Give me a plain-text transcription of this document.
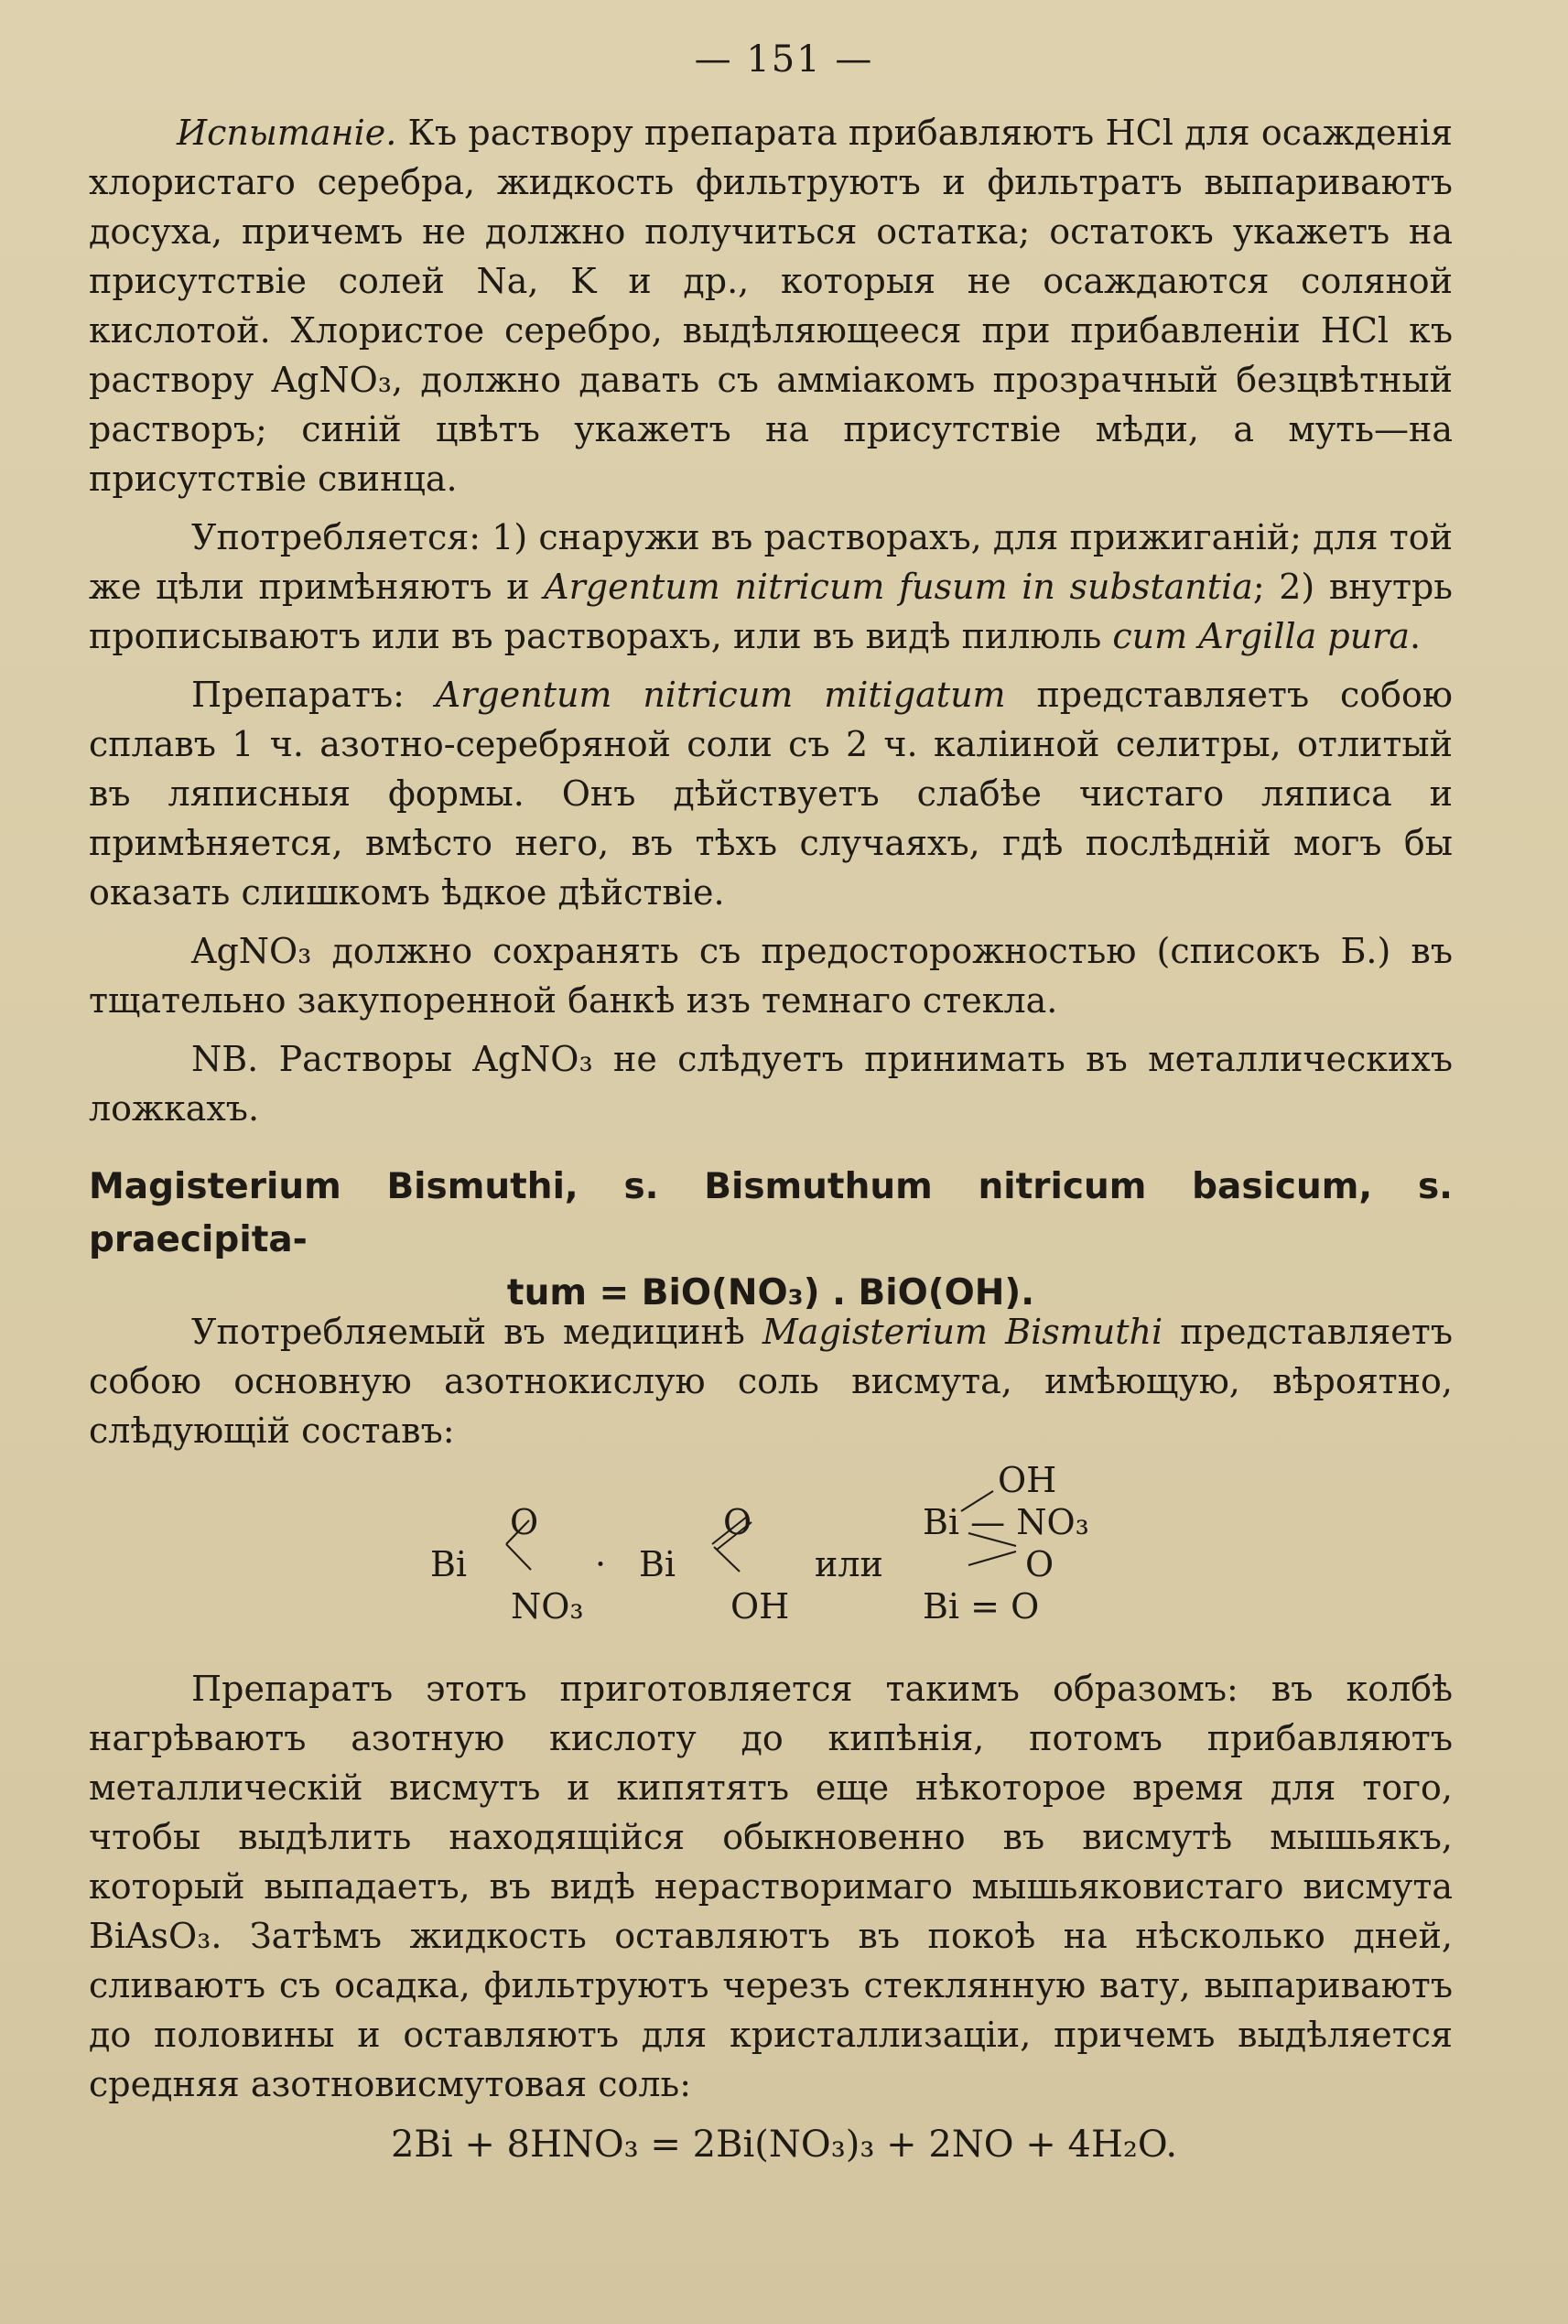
— 151 —

Испытаніе. Къ раствору препарата прибавляютъ HCl для осажденія хлористаго серебра, жидкость фильтруютъ и фильтратъ выпариваютъ досуха, причемъ не должно получиться остатка; остатокъ укажетъ на присутствіе солей Na, K и др., которыя не осаждаются соляной кислотой. Хлористое серебро, выдѣляющееся при прибавленіи HCl къ раствору AgNO₃, должно давать съ амміакомъ прозрачный безцвѣтный растворъ; синій цвѣтъ укажетъ на присутствіе мѣди, а муть—на присутствіе свинца.

Употребляется: 1) снаружи въ растворахъ, для прижиганій; для той же цѣли примѣняютъ и Argentum nitricum fusum in substantia; 2) внутрь прописываютъ или въ растворахъ, или въ видѣ пилюль cum Argilla pura.

Препаратъ: Argentum nitricum mitigatum представляетъ собою сплавъ 1 ч. азотно-серебряной соли съ 2 ч. каліиной селитры, отлитый въ ляписныя формы. Онъ дѣйствуетъ слабѣе чистаго ляписа и примѣняется, вмѣсто него, въ тѣхъ случаяхъ, гдѣ послѣдній могъ бы оказать слишкомъ ѣдкое дѣйствіе.

AgNO₃ должно сохранять съ предосторожностью (списокъ Б.) въ тщательно закупоренной банкѣ изъ темнаго стекла.

NB. Растворы AgNO₃ не слѣдуетъ принимать въ металлическихъ ложкахъ.

Magisterium Bismuthi, s. Bismuthum nitricum basicum, s. praecipita-
tum = BiO(NO₃) . BiO(OH).

Употребляемый въ медицинѣ Magisterium Bismuthi представляетъ собою основную азотнокислую соль висмута, имѣющую, вѣроятно, слѣдующій составъ:

O
Bi
NO₃
· Bi
O
OH
или
OH
Bi — NO₃
O
Bi = O

Препаратъ этотъ приготовляется такимъ образомъ: въ колбѣ нагрѣваютъ азотную кислоту до кипѣнія, потомъ прибавляютъ металлическій висмутъ и кипятятъ еще нѣкоторое время для того, чтобы выдѣлить находящійся обыкновенно въ висмутѣ мышьякъ, который выпадаетъ, въ видѣ нерастворимаго мышьяковистаго висмута BiAsO₃. Затѣмъ жидкость оставляютъ въ покоѣ на нѣсколько дней, сливаютъ съ осадка, фильтруютъ черезъ стеклянную вату, выпариваютъ до половины и оставляютъ для кристаллизаціи, причемъ выдѣляется средняя азотновисмутовая соль:

2Bi + 8HNO₃ = 2Bi(NO₃)₃ + 2NO + 4H₂O.
